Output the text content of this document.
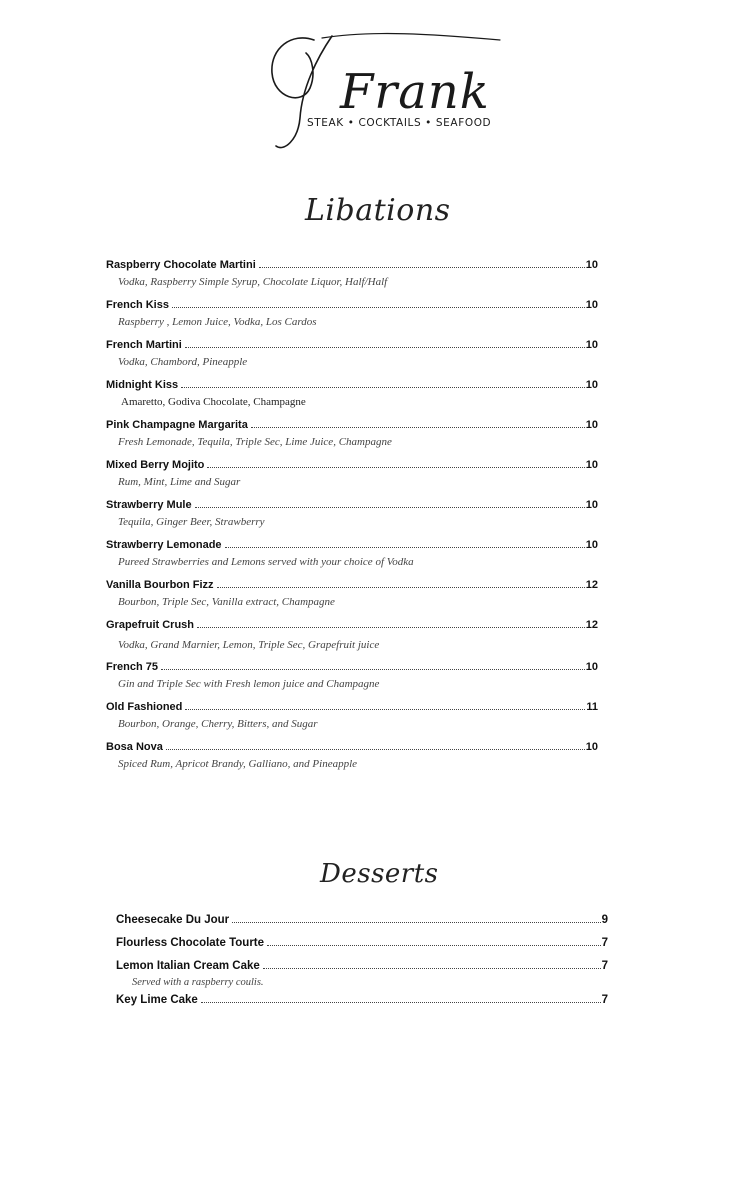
Frank
STEAK • COCKTAILS • SEAFOOD
Libations
Raspberry Chocolate Martini	10
Vodka, Raspberry Simple Syrup, Chocolate Liquor, Half/Half
French Kiss	10
Raspberry , Lemon Juice, Vodka, Los Cardos
French Martini	10
Vodka, Chambord, Pineapple
Midnight Kiss	10
Amaretto, Godiva Chocolate, Champagne
Pink Champagne Margarita	10
Fresh Lemonade, Tequila, Triple Sec, Lime Juice, Champagne
Mixed Berry Mojito	10
Rum, Mint, Lime and Sugar
Strawberry Mule	10
Tequila, Ginger Beer, Strawberry
Strawberry Lemonade	10
Pureed Strawberries and Lemons served with your choice of Vodka
Vanilla Bourbon Fizz	12
Bourbon, Triple Sec, Vanilla extract, Champagne
Grapefruit Crush	12
Vodka, Grand Marnier, Lemon, Triple Sec, Grapefruit juice
French 75	10
Gin and Triple Sec with Fresh lemon juice and Champagne
Old Fashioned	11
Bourbon, Orange, Cherry, Bitters, and Sugar
Bosa Nova	10
Spiced Rum, Apricot Brandy, Galliano, and Pineapple
Desserts
Cheesecake Du Jour	9
Flourless Chocolate Tourte	7
Lemon Italian Cream Cake	7
Served with a raspberry coulis.
Key Lime Cake	7
